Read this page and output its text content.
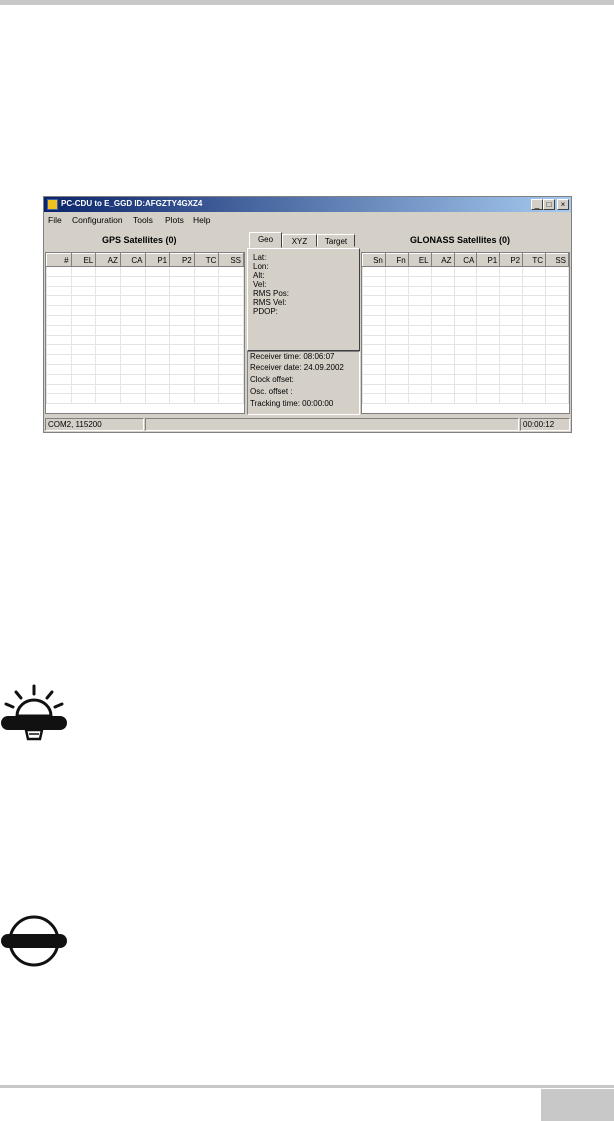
PC-CDU to E_GGD ID:AFGZTY4GXZ4	_ □	×
File Configuration Tools Plots Help
GPS Satellites (0)
#	EL	AZ	CA	P1	P2	TC	SS

Geo	XYZ	Target
Lat:
Lon:
Alt:
Vel:
RMS Pos:
RMS Vel:
PDOP:
Receiver time: 08:06:07
Receiver date: 24.09.2002
Clock offset:
Osc. offset :
Tracking time: 00:00:00
GLONASS Satellites (0)
Sn	Fn	EL	AZ	CA	P1	P2	TC	SS

COM2, 115200	00:00:12
